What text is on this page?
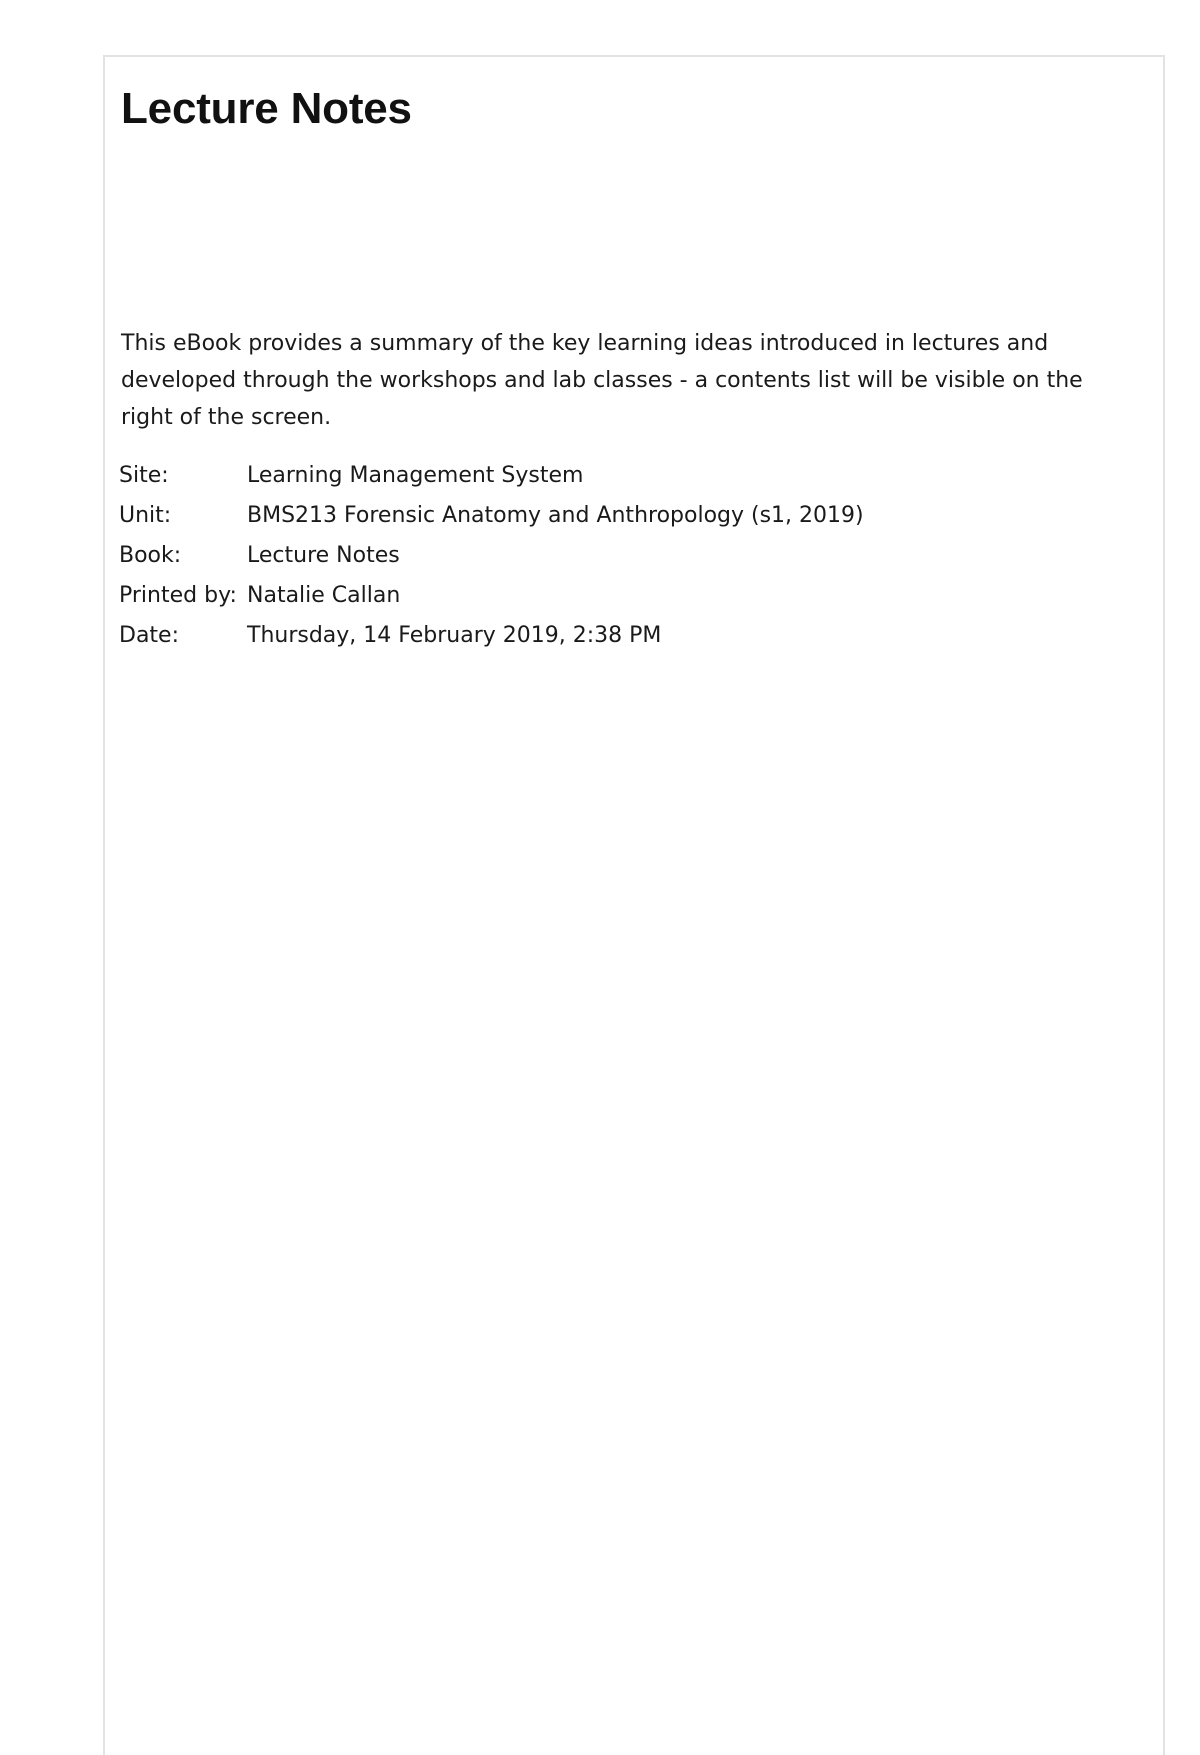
Lecture Notes

This eBook provides a summary of the key learning ideas introduced in lectures and developed through the workshops and lab classes - a contents list will be visible on the right of the screen.

Site:	Learning Management System
Unit:	BMS213 Forensic Anatomy and Anthropology (s1, 2019)
Book:	Lecture Notes
Printed by:	Natalie Callan
Date:	Thursday, 14 February 2019, 2:38 PM
